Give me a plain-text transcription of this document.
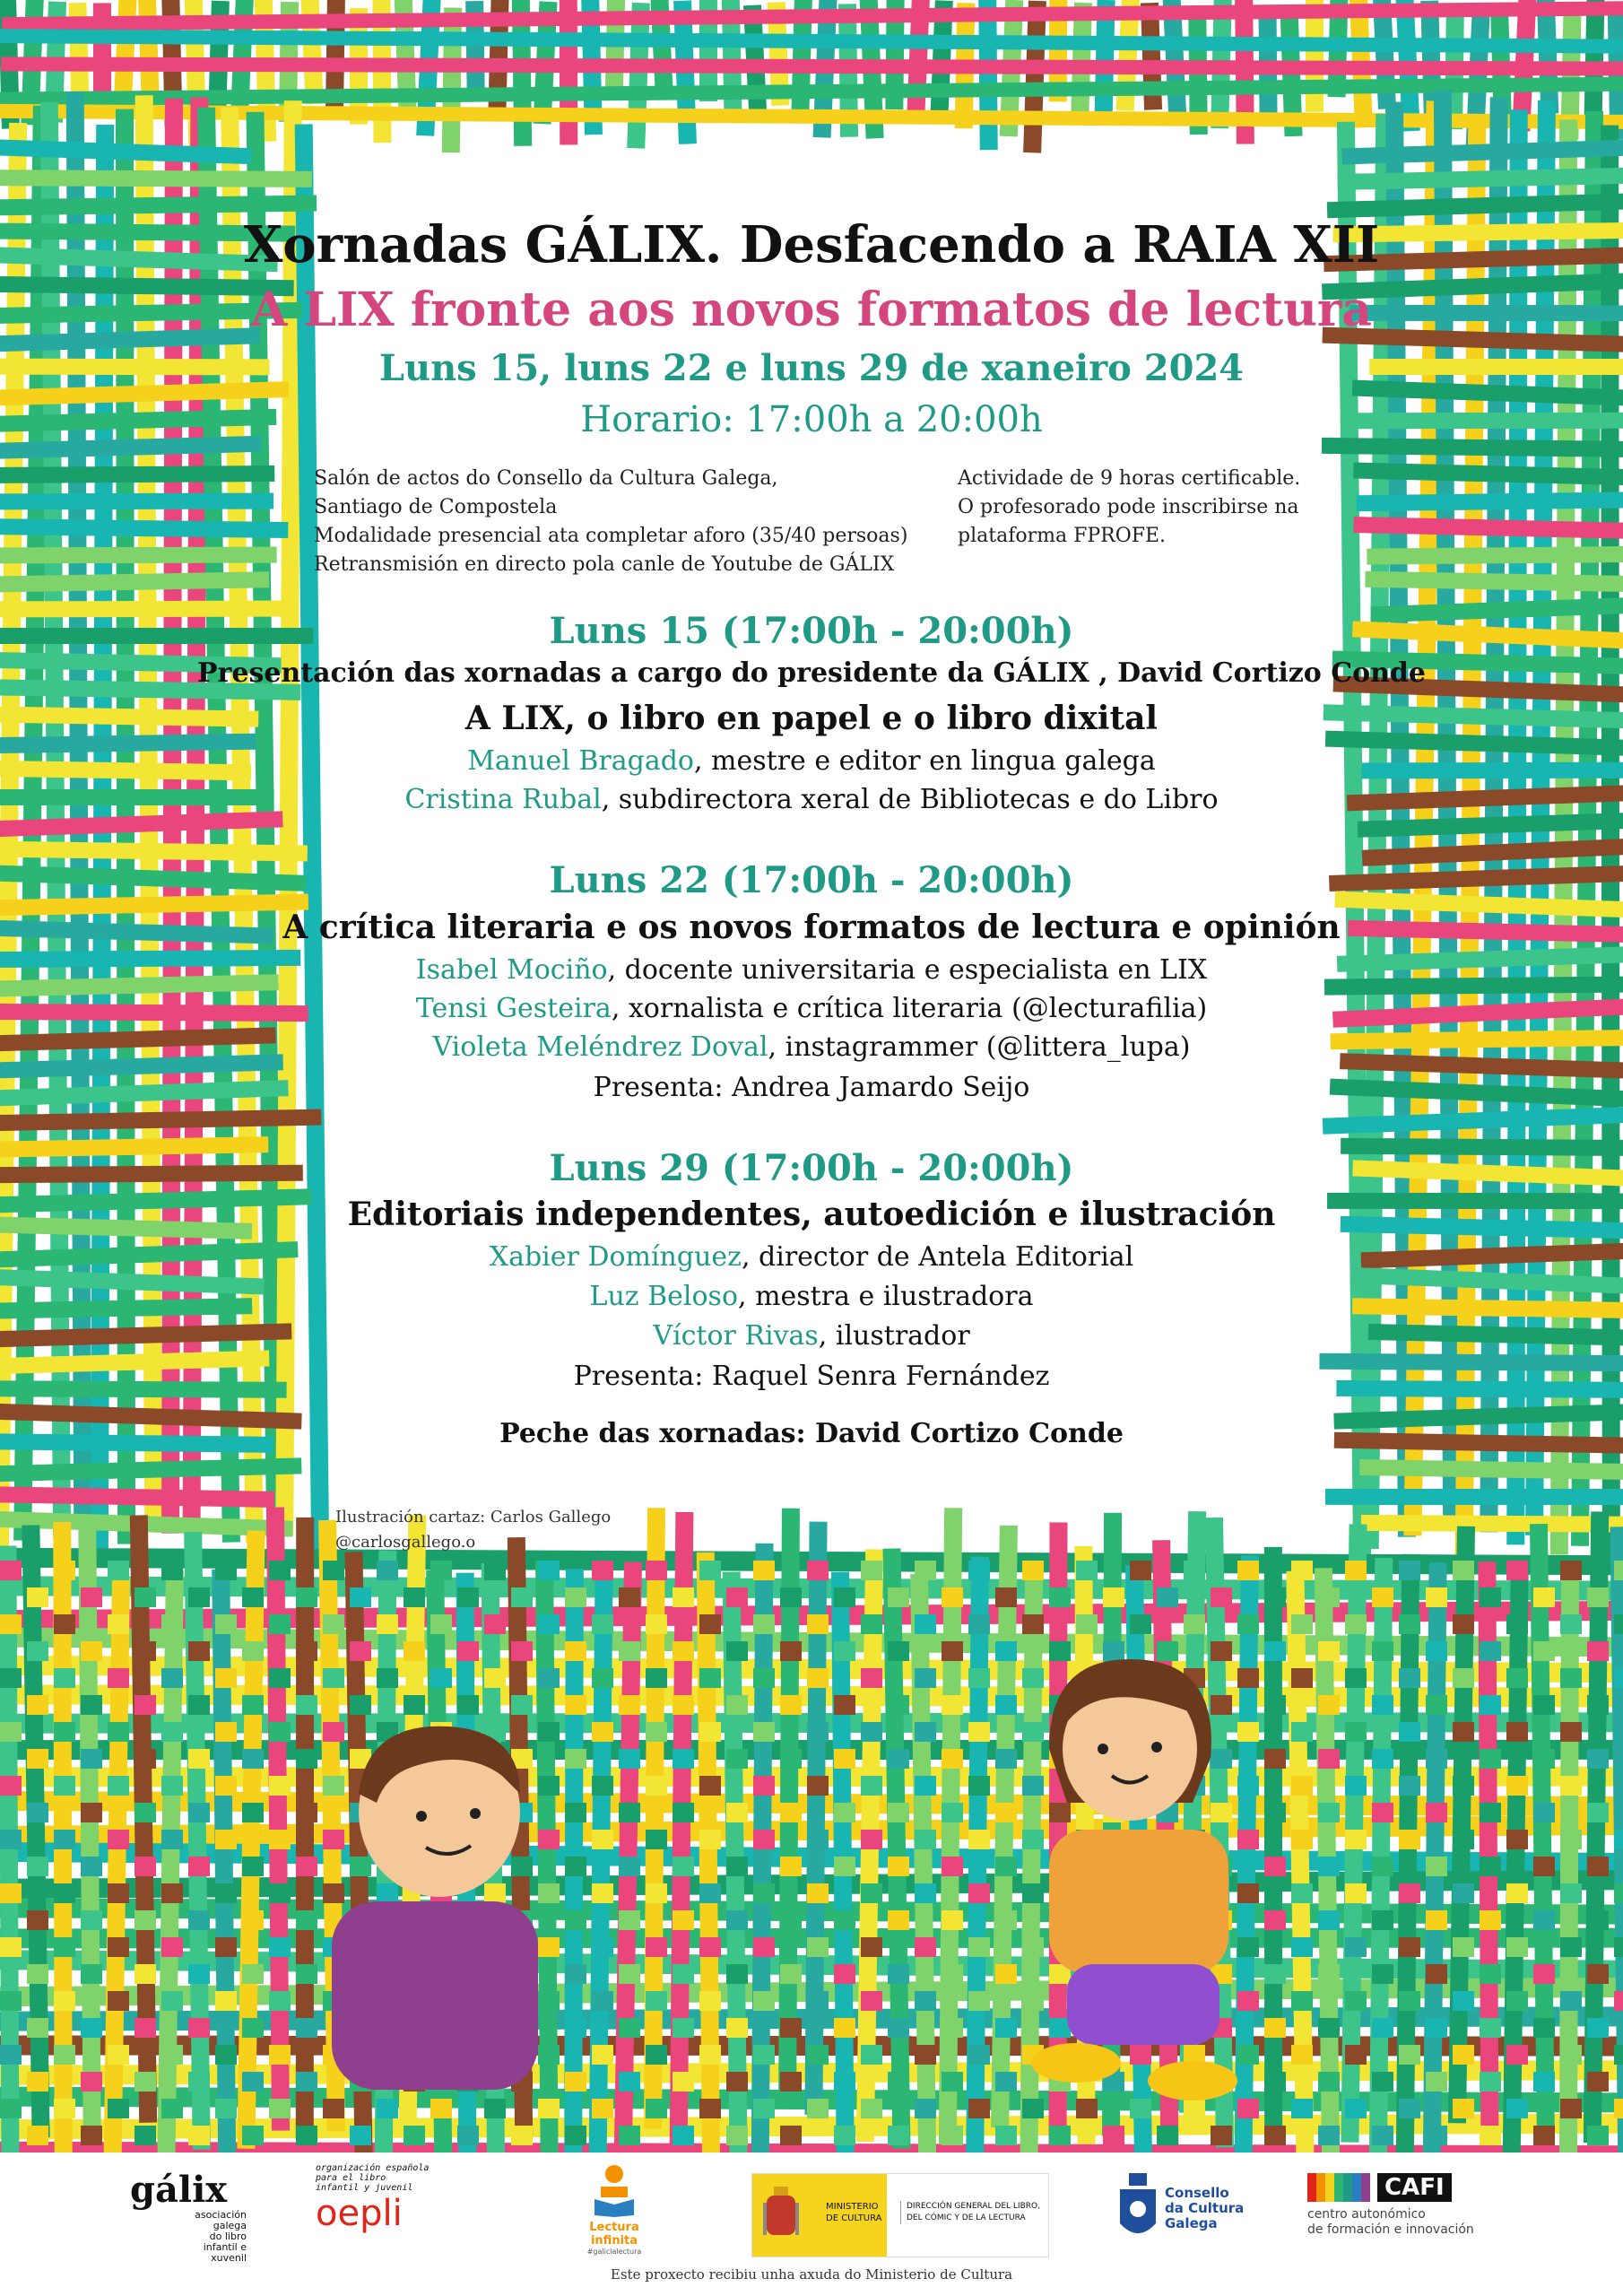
Xornadas GÁLIX. Desfacendo a RAIA XII
A LIX fronte aos novos formatos de lectura
Luns 15, luns 22 e luns 29 de xaneiro 2024
Horario: 17:00h a 20:00h
Salón de actos do Consello da Cultura Galega,
Santiago de Compostela
Modalidade presencial ata completar aforo (35/40 persoas)
Retransmisión en directo pola canle de Youtube de GÁLIX
Actividade de 9 horas certificable.
O profesorado pode inscribirse na
plataforma FPROFE.
Luns 15 (17:00h - 20:00h)
Presentación das xornadas a cargo do presidente da GÁLIX , David Cortizo Conde
A LIX, o libro en papel e o libro dixital
Manuel Bragado, mestre e editor en lingua galega
Cristina Rubal, subdirectora xeral de Bibliotecas e do Libro
Luns 22 (17:00h - 20:00h)
A crítica literaria e os novos formatos de lectura e opinión
Isabel Mociño, docente universitaria e especialista en LIX
Tensi Gesteira, xornalista e crítica literaria (@lecturafilia)
Violeta Meléndrez Doval, instagrammer (@littera_lupa)
Presenta: Andrea Jamardo Seijo
Luns 29 (17:00h - 20:00h)
Editoriais independentes, autoedición e ilustración
Xabier Domínguez, director de Antela Editorial
Luz Beloso, mestra e ilustradora
Víctor Rivas, ilustrador
Presenta: Raquel Senra Fernández
Peche das xornadas: David Cortizo Conde
Ilustración cartaz: Carlos Gallego
@carlosgallego.o
gálix
asociación
galega
do libro
infantil e xuvenil
organización española
para el libro
infantil y juvenil
oepli	Lectura infinita
#galicialectura
MINISTERIO
DE CULTURA
DIRECCIÓN GENERAL DEL LIBRO,
DEL CÓMIC Y DE LA LECTURA
Consello
da Cultura
Galega
CAFI
centro autonómico
de formación e innovación
Este proxecto recibiu unha axuda do Ministerio de Cultura
